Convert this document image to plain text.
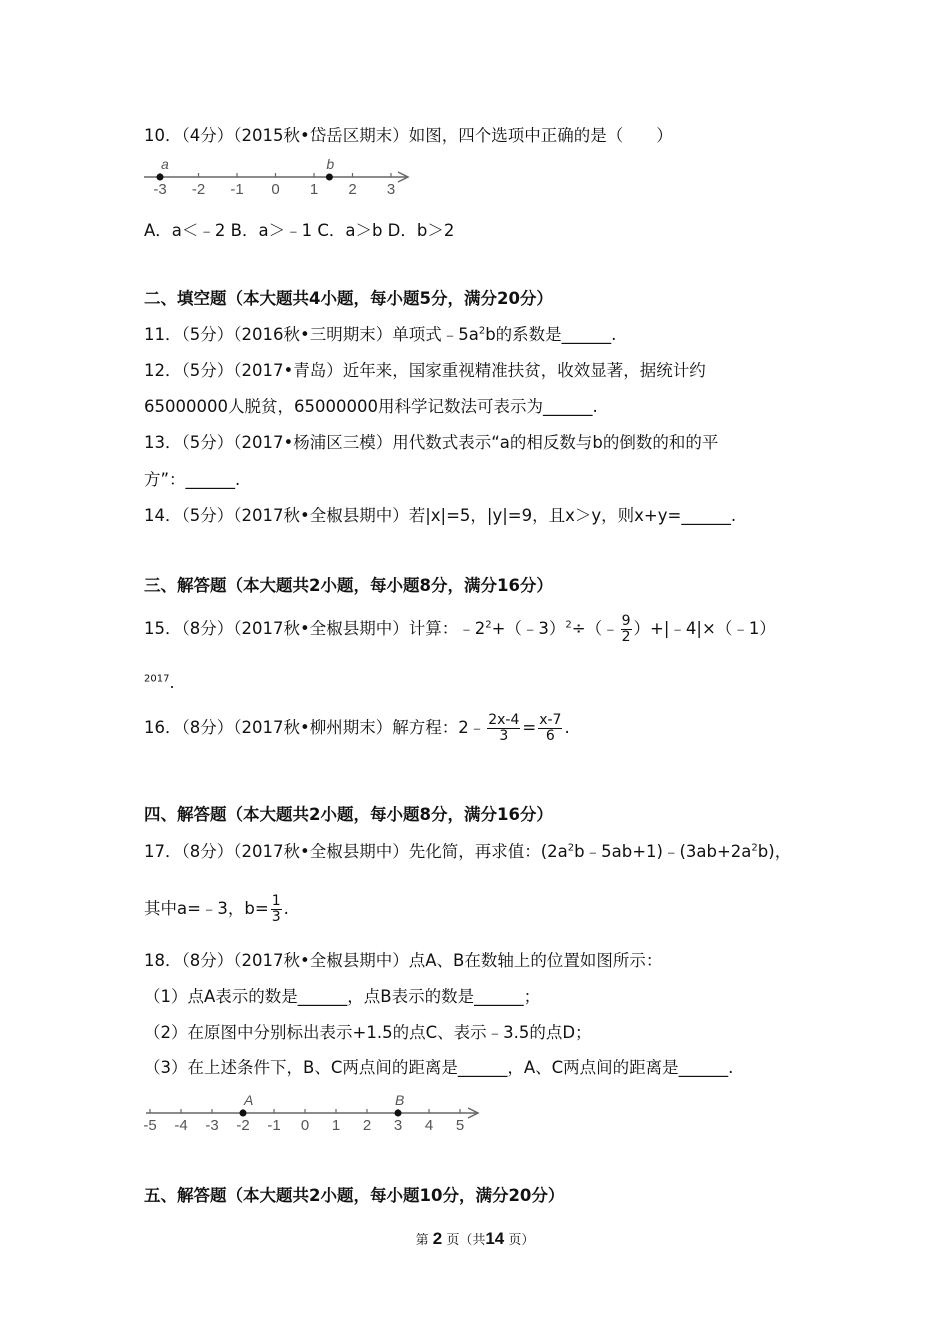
10．（4分）（2015秋•岱岳区期末）如图，四个选项中正确的是（　　）
-3 -2 -1 0 1 2 3
a	b
A．a＜﹣2 B．a＞﹣1 C．a＞b D．b＞2
二、填空题（本大题共4小题，每小题5分，满分20分）
11．（5分）（2016秋•三明期末）单项式$﹣5a^2b$的系数是______.
12．（5分）（2017•青岛）近年来，国家重视精准扶贫，收效显著，据统计约
65000000人脱贫，65000000用科学记数法可表示为______.
13．（5分）（2017•杨浦区三模）用代数式表示“a的相反数与b的倒数的和的平
方”：______.
14．（5分）（2017秋•全椒县期中）若|x|=5，|y|=9，且x＞y，则x+y=______.
三、解答题（本大题共2小题，每小题8分，满分16分）
15．（8分）（2017秋•全椒县期中）计算：$﹣2^2+(﹣3)^2\div(﹣ \frac{9}{2}$ ）+|﹣4|×（﹣1）
$^{2017}$.
16．（8分）（2017秋•柳州期末）解方程：2﹣ $\frac{2x-4}{3} = \frac{x-7}{6}$ .
四、解答题（本大题共2小题，每小题8分，满分16分）
17．（8分）（2017秋•全椒县期中）先化简，再求值：$(2a^2b﹣5ab+1)﹣(3ab+2a^2b)$，
其中a=﹣3，$b= \frac{1}{3}$ .
18．（8分）（2017秋•全椒县期中）点A、B在数轴上的位置如图所示：
（1）点A表示的数是______，点B表示的数是______；
（2）在原图中分别标出表示+1.5的点C、表示﹣3.5的点D；
（3）在上述条件下，B、C两点间的距离是______，A、C两点间的距离是______.
-5 -4 -3 -2 -1 0 1 2 3 4 5
A	B
五、解答题（本大题共2小题，每小题10分，满分20分）
第 2 页（共14 页）
